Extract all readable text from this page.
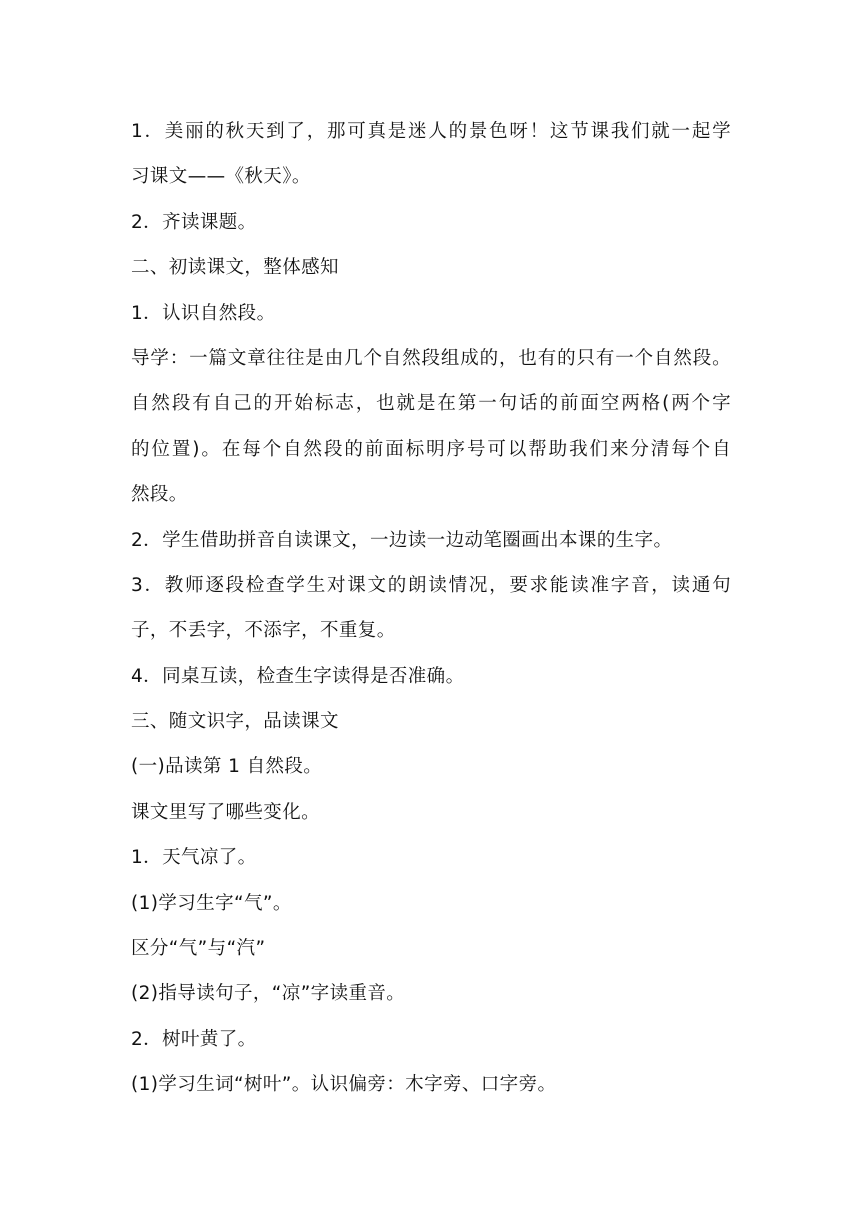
1．美丽的秋天到了，那可真是迷人的景色呀！这节课我们就一起学
习课文——《秋天》。
2．齐读课题。
二、初读课文，整体感知
1．认识自然段。
导学：一篇文章往往是由几个自然段组成的，也有的只有一个自然段。
自然段有自己的开始标志，也就是在第一句话的前面空两格(两个字
的位置)。在每个自然段的前面标明序号可以帮助我们来分清每个自
然段。
2．学生借助拼音自读课文，一边读一边动笔圈画出本课的生字。
3．教师逐段检查学生对课文的朗读情况，要求能读准字音，读通句
子，不丢字，不添字，不重复。
4．同桌互读，检查生字读得是否准确。
三、随文识字，品读课文
(一)品读第 1 自然段。
课文里写了哪些变化。
1．天气凉了。
(1)学习生字“气”。
区分“气”与“汽”
(2)指导读句子，“凉”字读重音。
2．树叶黄了。
(1)学习生词“树叶”。认识偏旁：木字旁、口字旁。
